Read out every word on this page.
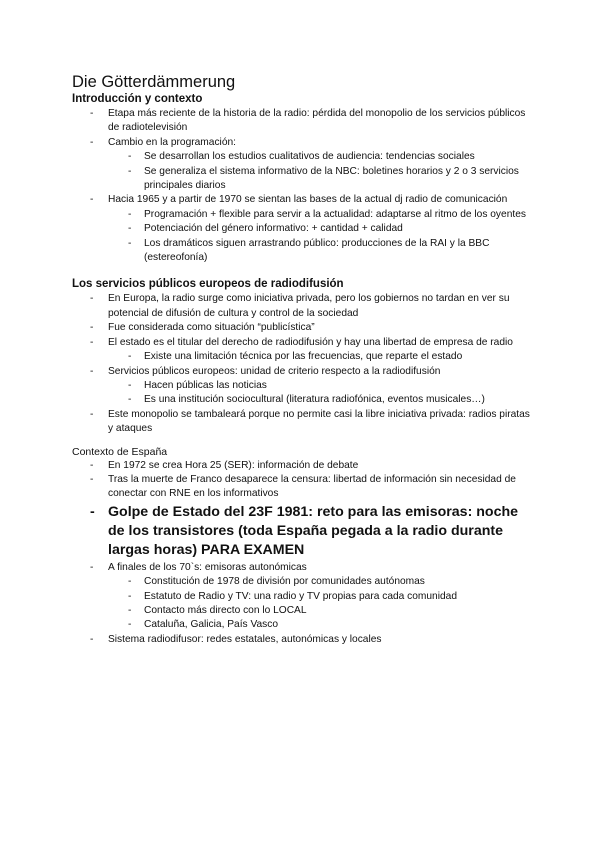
Die Götterdämmerung
Introducción y contexto
- Etapa más reciente de la historia de la radio: pérdida del monopolio de los servicios públicos de radiotelevisión
- Cambio en la programación:
- Se desarrollan los estudios cualitativos de audiencia: tendencias sociales
- Se generaliza el sistema informativo de la NBC: boletines horarios y 2 o 3 servicios principales diarios
- Hacia 1965 y a partir de 1970 se sientan las bases de la actual dj radio de comunicación
- Programación + flexible para servir a la actualidad: adaptarse al ritmo de los oyentes
- Potenciación del género informativo: + cantidad + calidad
- Los dramáticos siguen arrastrando público: producciones de la RAI y la BBC (estereofonía)
Los servicios públicos europeos de radiodifusión
- En Europa, la radio surge como iniciativa privada, pero los gobiernos no tardan en ver su potencial de difusión de cultura y control de la sociedad
- Fue considerada como situación “publicística”
- El estado es el titular del derecho de radiodifusión y hay una libertad de empresa de radio
- Existe una limitación técnica por las frecuencias, que reparte el estado
- Servicios públicos europeos: unidad de criterio respecto a la radiodifusión
- Hacen públicas las noticias
- Es una institución sociocultural (literatura radiofónica, eventos musicales…)
- Este monopolio se tambaleará porque no permite casi la libre iniciativa privada: radios piratas y ataques
Contexto de España
- En 1972 se crea Hora 25 (SER): información de debate
- Tras la muerte de Franco desaparece la censura: libertad de información sin necesidad de conectar con RNE en los informativos
- Golpe de Estado del 23F 1981: reto para las emisoras: noche de los transistores (toda España pegada a la radio durante largas horas) PARA EXAMEN
- A finales de los 70`s: emisoras autonómicas
- Constitución de 1978 de división por comunidades autónomas
- Estatuto de Radio y TV: una radio y TV propias para cada comunidad
- Contacto más directo con lo LOCAL
- Cataluña, Galicia, País Vasco
- Sistema radiodifusor: redes estatales, autonómicas y locales
